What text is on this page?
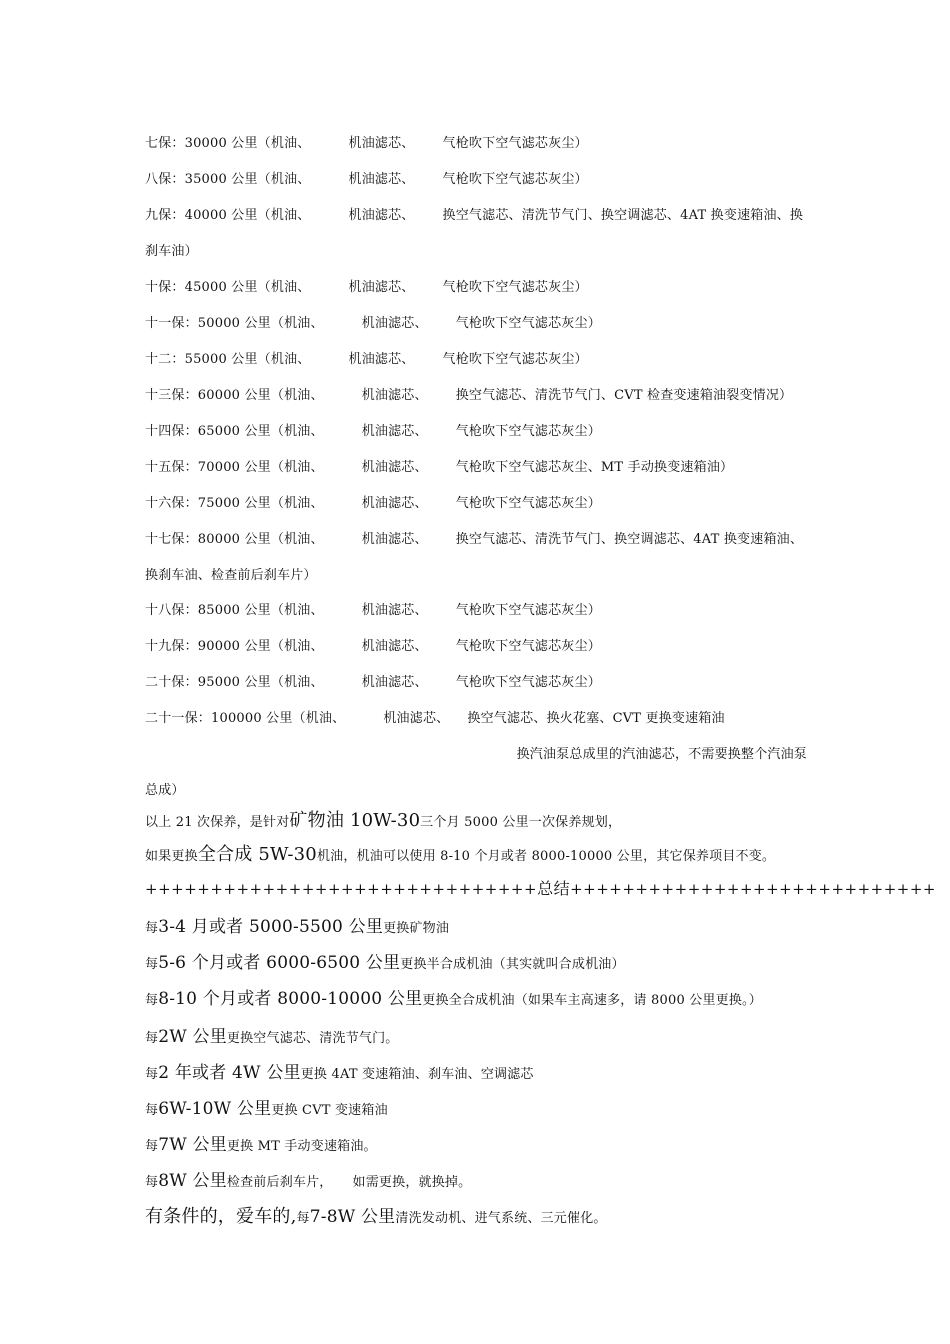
七保：30000 公里（机油、	机油滤芯、 气枪吹下空气滤芯灰尘）
八保：35000 公里（机油、	机油滤芯、 气枪吹下空气滤芯灰尘）
九保：40000 公里（机油、	机油滤芯、 换空气滤芯、清洗节气门、换空调滤芯、4AT 换变速箱油、换
刹车油）
十保：45000 公里（机油、	机油滤芯、 气枪吹下空气滤芯灰尘）
十一保：50000 公里（机油、	机油滤芯、 气枪吹下空气滤芯灰尘）
十二：55000 公里（机油、	机油滤芯、 气枪吹下空气滤芯灰尘）
十三保：60000 公里（机油、	机油滤芯、 换空气滤芯、清洗节气门、CVT 检查变速箱油裂变情况）
十四保：65000 公里（机油、	机油滤芯、 气枪吹下空气滤芯灰尘）
十五保：70000 公里（机油、	机油滤芯、 气枪吹下空气滤芯灰尘、MT 手动换变速箱油）
十六保：75000 公里（机油、	机油滤芯、 气枪吹下空气滤芯灰尘）
十七保：80000 公里（机油、	机油滤芯、 换空气滤芯、清洗节气门、换空调滤芯、4AT 换变速箱油、
换刹车油、检查前后刹车片）
十八保：85000 公里（机油、	机油滤芯、 气枪吹下空气滤芯灰尘）
十九保：90000 公里（机油、	机油滤芯、 气枪吹下空气滤芯灰尘）
二十保：95000 公里（机油、	机油滤芯、 气枪吹下空气滤芯灰尘）
二十一保：100000 公里（机油、	机油滤芯、 换空气滤芯、换火花塞、CVT 更换变速箱油
换汽油泵总成里的汽油滤芯，不需要换整个汽油泵
总成）
以上 21 次保养，是针对矿物油 10W-30三个月 5000 公里一次保养规划，
如果更换全合成 5W-30机油，机油可以使用 8-10 个月或者 8000-10000 公里，其它保养项目不变。
++++++++++++++++++++++++++++++总结++++++++++++++++++++++++++++
每3-4 月或者 5000-5500 公里更换矿物油
每5-6 个月或者 6000-6500 公里更换半合成机油（其实就叫合成机油）
每8-10 个月或者 8000-10000 公里更换全合成机油（如果车主高速多，请 8000 公里更换。）
每2W 公里更换空气滤芯、清洗节气门。
每2 年或者 4W 公里更换 4AT 变速箱油、刹车油、空调滤芯
每6W-10W 公里更换 CVT 变速箱油
每7W 公里更换 MT 手动变速箱油。
每8W 公里检查前后刹车片， 如需更换，就换掉。
有条件的，爱车的,每7-8W 公里清洗发动机、进气系统、三元催化。
